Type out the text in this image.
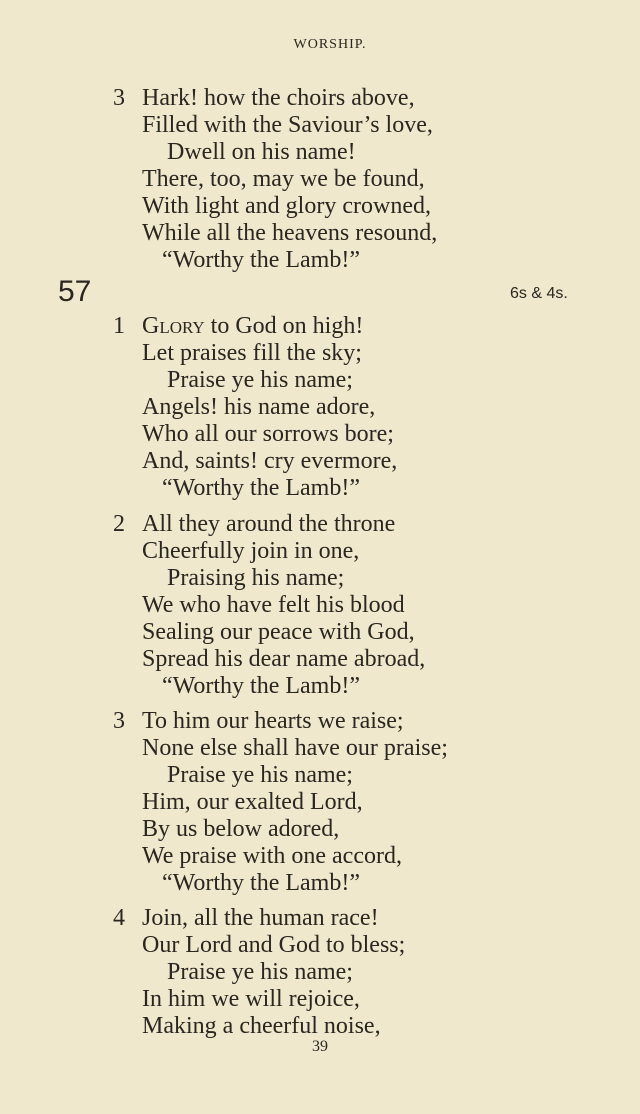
WORSHIP.
3 Hark! how the choirs above,
Filled with the Saviour’s love,
Dwell on his name!
There, too, may we be found,
With light and glory crowned,
While all the heavens resound,
“Worthy the Lamb!”
57	6s & 4s.
1 Glory to God on high!
Let praises fill the sky;
Praise ye his name;
Angels! his name adore,
Who all our sorrows bore;
And, saints! cry evermore,
“Worthy the Lamb!”
2 All they around the throne
Cheerfully join in one,
Praising his name;
We who have felt his blood
Sealing our peace with God,
Spread his dear name abroad,
“Worthy the Lamb!”
3 To him our hearts we raise;
None else shall have our praise;
Praise ye his name;
Him, our exalted Lord,
By us below adored,
We praise with one accord,
“Worthy the Lamb!”
4 Join, all the human race!
Our Lord and God to bless;
Praise ye his name;
In him we will rejoice,
Making a cheerful noise,
39
